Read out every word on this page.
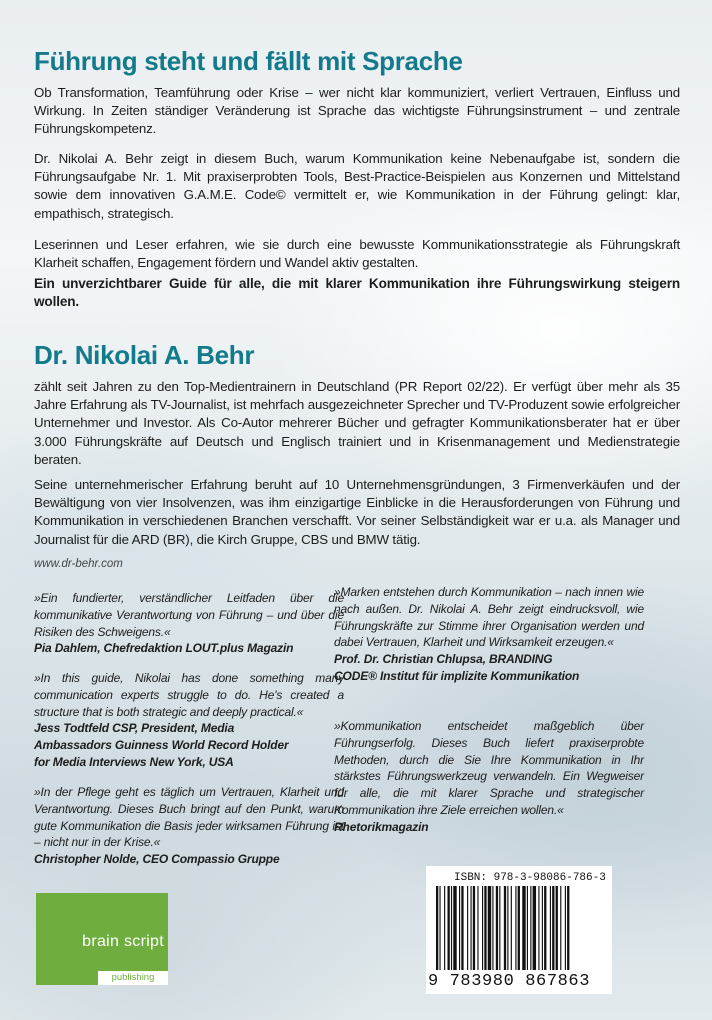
Führung steht und fällt mit Sprache

Ob Transformation, Teamführung oder Krise – wer nicht klar kommuniziert, verliert Vertrauen, Einfluss und Wirkung. In Zeiten ständiger Veränderung ist Sprache das wichtigste Führungsinstrument – und zentrale Führungskompetenz.

Dr. Nikolai A. Behr zeigt in diesem Buch, warum Kommunikation keine Nebenaufgabe ist, sondern die Führungsaufgabe Nr. 1. Mit praxiserprobten Tools, Best-Practice-Beispielen aus Konzernen und Mittelstand sowie dem innovativen G.A.M.E. Code© vermittelt er, wie Kommunikation in der Führung gelingt: klar, empathisch, strategisch.

Leserinnen und Leser erfahren, wie sie durch eine bewusste Kommunikationsstrategie als Führungskraft Klarheit schaffen, Engagement fördern und Wandel aktiv gestalten.

Ein unverzichtbarer Guide für alle, die mit klarer Kommunikation ihre Führungswirkung steigern wollen.

Dr. Nikolai A. Behr

zählt seit Jahren zu den Top-Medientrainern in Deutschland (PR Report 02/22). Er verfügt über mehr als 35 Jahre Erfahrung als TV-Journalist, ist mehrfach ausgezeichneter Sprecher und TV-Produzent sowie erfolgreicher Unternehmer und Investor. Als Co-Autor mehrerer Bücher und gefragter Kommunikationsberater hat er über 3.000 Führungskräfte auf Deutsch und Englisch trainiert und in Krisenmanagement und Medienstrategie beraten.

Seine unternehmerischer Erfahrung beruht auf 10 Unternehmensgründungen, 3 Firmenverkäufen und der Bewältigung von vier Insolvenzen, was ihm einzigartige Einblicke in die Herausforderungen von Führung und Kommunikation in verschiedenen Branchen verschafft. Vor seiner Selbständigkeit war er u.a. als Manager und Journalist für die ARD (BR), die Kirch Gruppe, CBS und BMW tätig.

www.dr-behr.com

»Ein fundierter, verständlicher Leitfaden über die kommunikative Verantwortung von Führung – und über die Risiken des Schweigens.«
Pia Dahlem, Chefredaktion LOUT.plus Magazin

»In this guide, Nikolai has done something many communication experts struggle to do. He's created a structure that is both strategic and deeply practical.«
Jess Todtfeld CSP, President, Media Ambassadors Guinness World Record Holder for Media Interviews New York, USA

»In der Pflege geht es täglich um Vertrauen, Klarheit und Verantwortung. Dieses Buch bringt auf den Punkt, warum gute Kommunikation die Basis jeder wirksamen Führung ist – nicht nur in der Krise.«
Christopher Nolde, CEO Compassio Gruppe

»Marken entstehen durch Kommunikation – nach innen wie nach außen. Dr. Nikolai A. Behr zeigt eindrucksvoll, wie Führungskräfte zur Stimme ihrer Organisation werden und dabei Vertrauen, Klarheit und Wirksamkeit erzeugen.«
Prof. Dr. Christian Chlupsa, BRANDING CODE® Institut für implizite Kommunikation

»Kommunikation entscheidet maßgeblich über Führungserfolg. Dieses Buch liefert praxiserprobte Methoden, durch die Sie Ihre Kommunikation in Ihr stärkstes Führungswerkzeug verwandeln. Ein Wegweiser für alle, die mit klarer Sprache und strategischer Kommunikation ihre Ziele erreichen wollen.«
Rhetorikmagazin

brain script
publishing
ISBN: 978-3-98086-786-3
9 783980 867863
